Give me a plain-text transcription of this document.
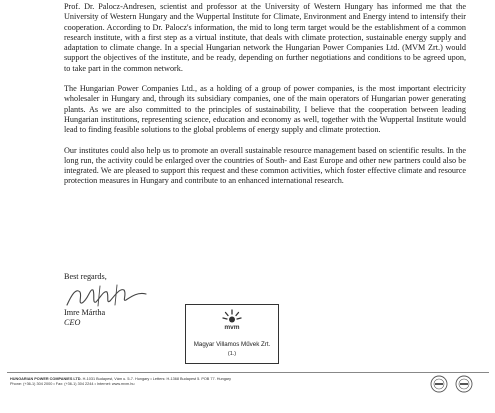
Prof. Dr. Palocz-Andresen, scientist and professor at the University of Western Hungary has informed me that the University of Western Hungary and the Wuppertal Institute for Climate, Environment and Energy intend to intensify their cooperation. According to Dr. Palocz's information, the mid to long term target would be the establishment of a common research institute, with a first step as a virtual institute, that deals with climate protection, sustainable energy supply and adaptation to climate change. In a special Hungarian network the Hungarian Power Companies Ltd. (MVM Zrt.) would support the objectives of the institute, and be ready, depending on further negotiations and conditions to be agreed upon, to take part in the common network.

The Hungarian Power Companies Ltd., as a holding of a group of power companies, is the most important electricity wholesaler in Hungary and, through its subsidiary companies, one of the main operators of Hungarian power generating plants. As we are also committed to the principles of sustainability, I believe that the cooperation between leading Hungarian institutions, representing science, education and economy as well, together with the Wuppertal Institute would lead to finding feasible solutions to the global problems of energy supply and climate protection.

Our institutes could also help us to promote an overall sustainable resource management based on scientific results. In the long run, the activity could be enlarged over the countries of South- and East Europe and other new partners could also be integrated. We are pleased to support this request and these common activities, which foster effective climate and resource protection measures in Hungary and contribute to an enhanced international research.

Best regards,
Imre Mártha
CEO
mvm
Magyar Villamos Művek Zrt.
(1.)
HUNGARIAN POWER COMPANIES LTD. H-1031 Budapest, Vám u. 5-7. Hungary • Letters: H-1368 Budapest 5. POB 77. Hungary
Phone: (+36-1) 304 2000 • Fax: (+36-1) 304 2244 • Internet: www.mvm.hu
